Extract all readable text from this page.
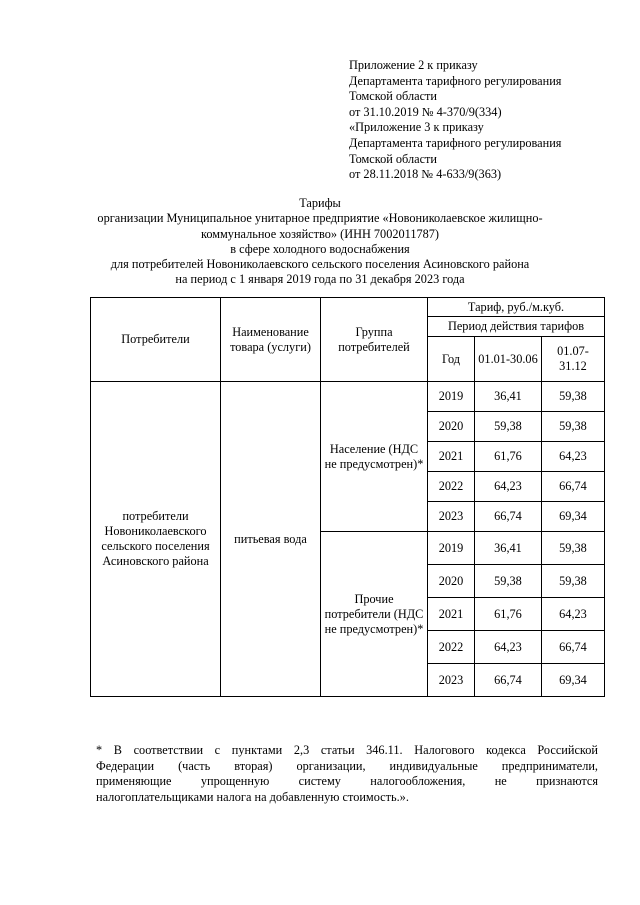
Приложение 2 к приказу
Департамента тарифного регулирования
Томской области
от 31.10.2019 № 4-370/9(334)
«Приложение 3 к приказу
Департамента тарифного регулирования
Томской области
от 28.11.2018 № 4-633/9(363)
Тарифы
организации Муниципальное унитарное предприятие «Новониколаевское жилищно-
коммунальное хозяйство» (ИНН 7002011787)
в сфере холодного водоснабжения
для потребителей Новониколаевского сельского поселения Асиновского района
на период с 1 января 2019 года по 31 декабря 2023 года
Потребители	Наименование товара (услуги)	Группа потребителей	Тариф, руб./м.куб.		
			Период действия тарифов		
			Год	01.01-30.06	01.07-31.12
потребители Новониколаевского сельского поселения Асиновского района	питьевая вода	Население (НДС не предусмотрен)*	2019	36,41	59,38
			2020	59,38	59,38
			2021	61,76	64,23
			2022	64,23	66,74
			2023	66,74	69,34
		Прочие потребители (НДС не предусмотрен)*	2019	36,41	59,38
			2020	59,38	59,38
			2021	61,76	64,23
			2022	64,23	66,74
			2023	66,74	69,34
* В соответствии с пунктами 2,3 статьи 346.11. Налогового кодекса Российской
Федерации (часть вторая) организации, индивидуальные предприниматели,
применяющие упрощенную систему налогообложения, не признаются
налогоплательщиками налога на добавленную стоимость.».
